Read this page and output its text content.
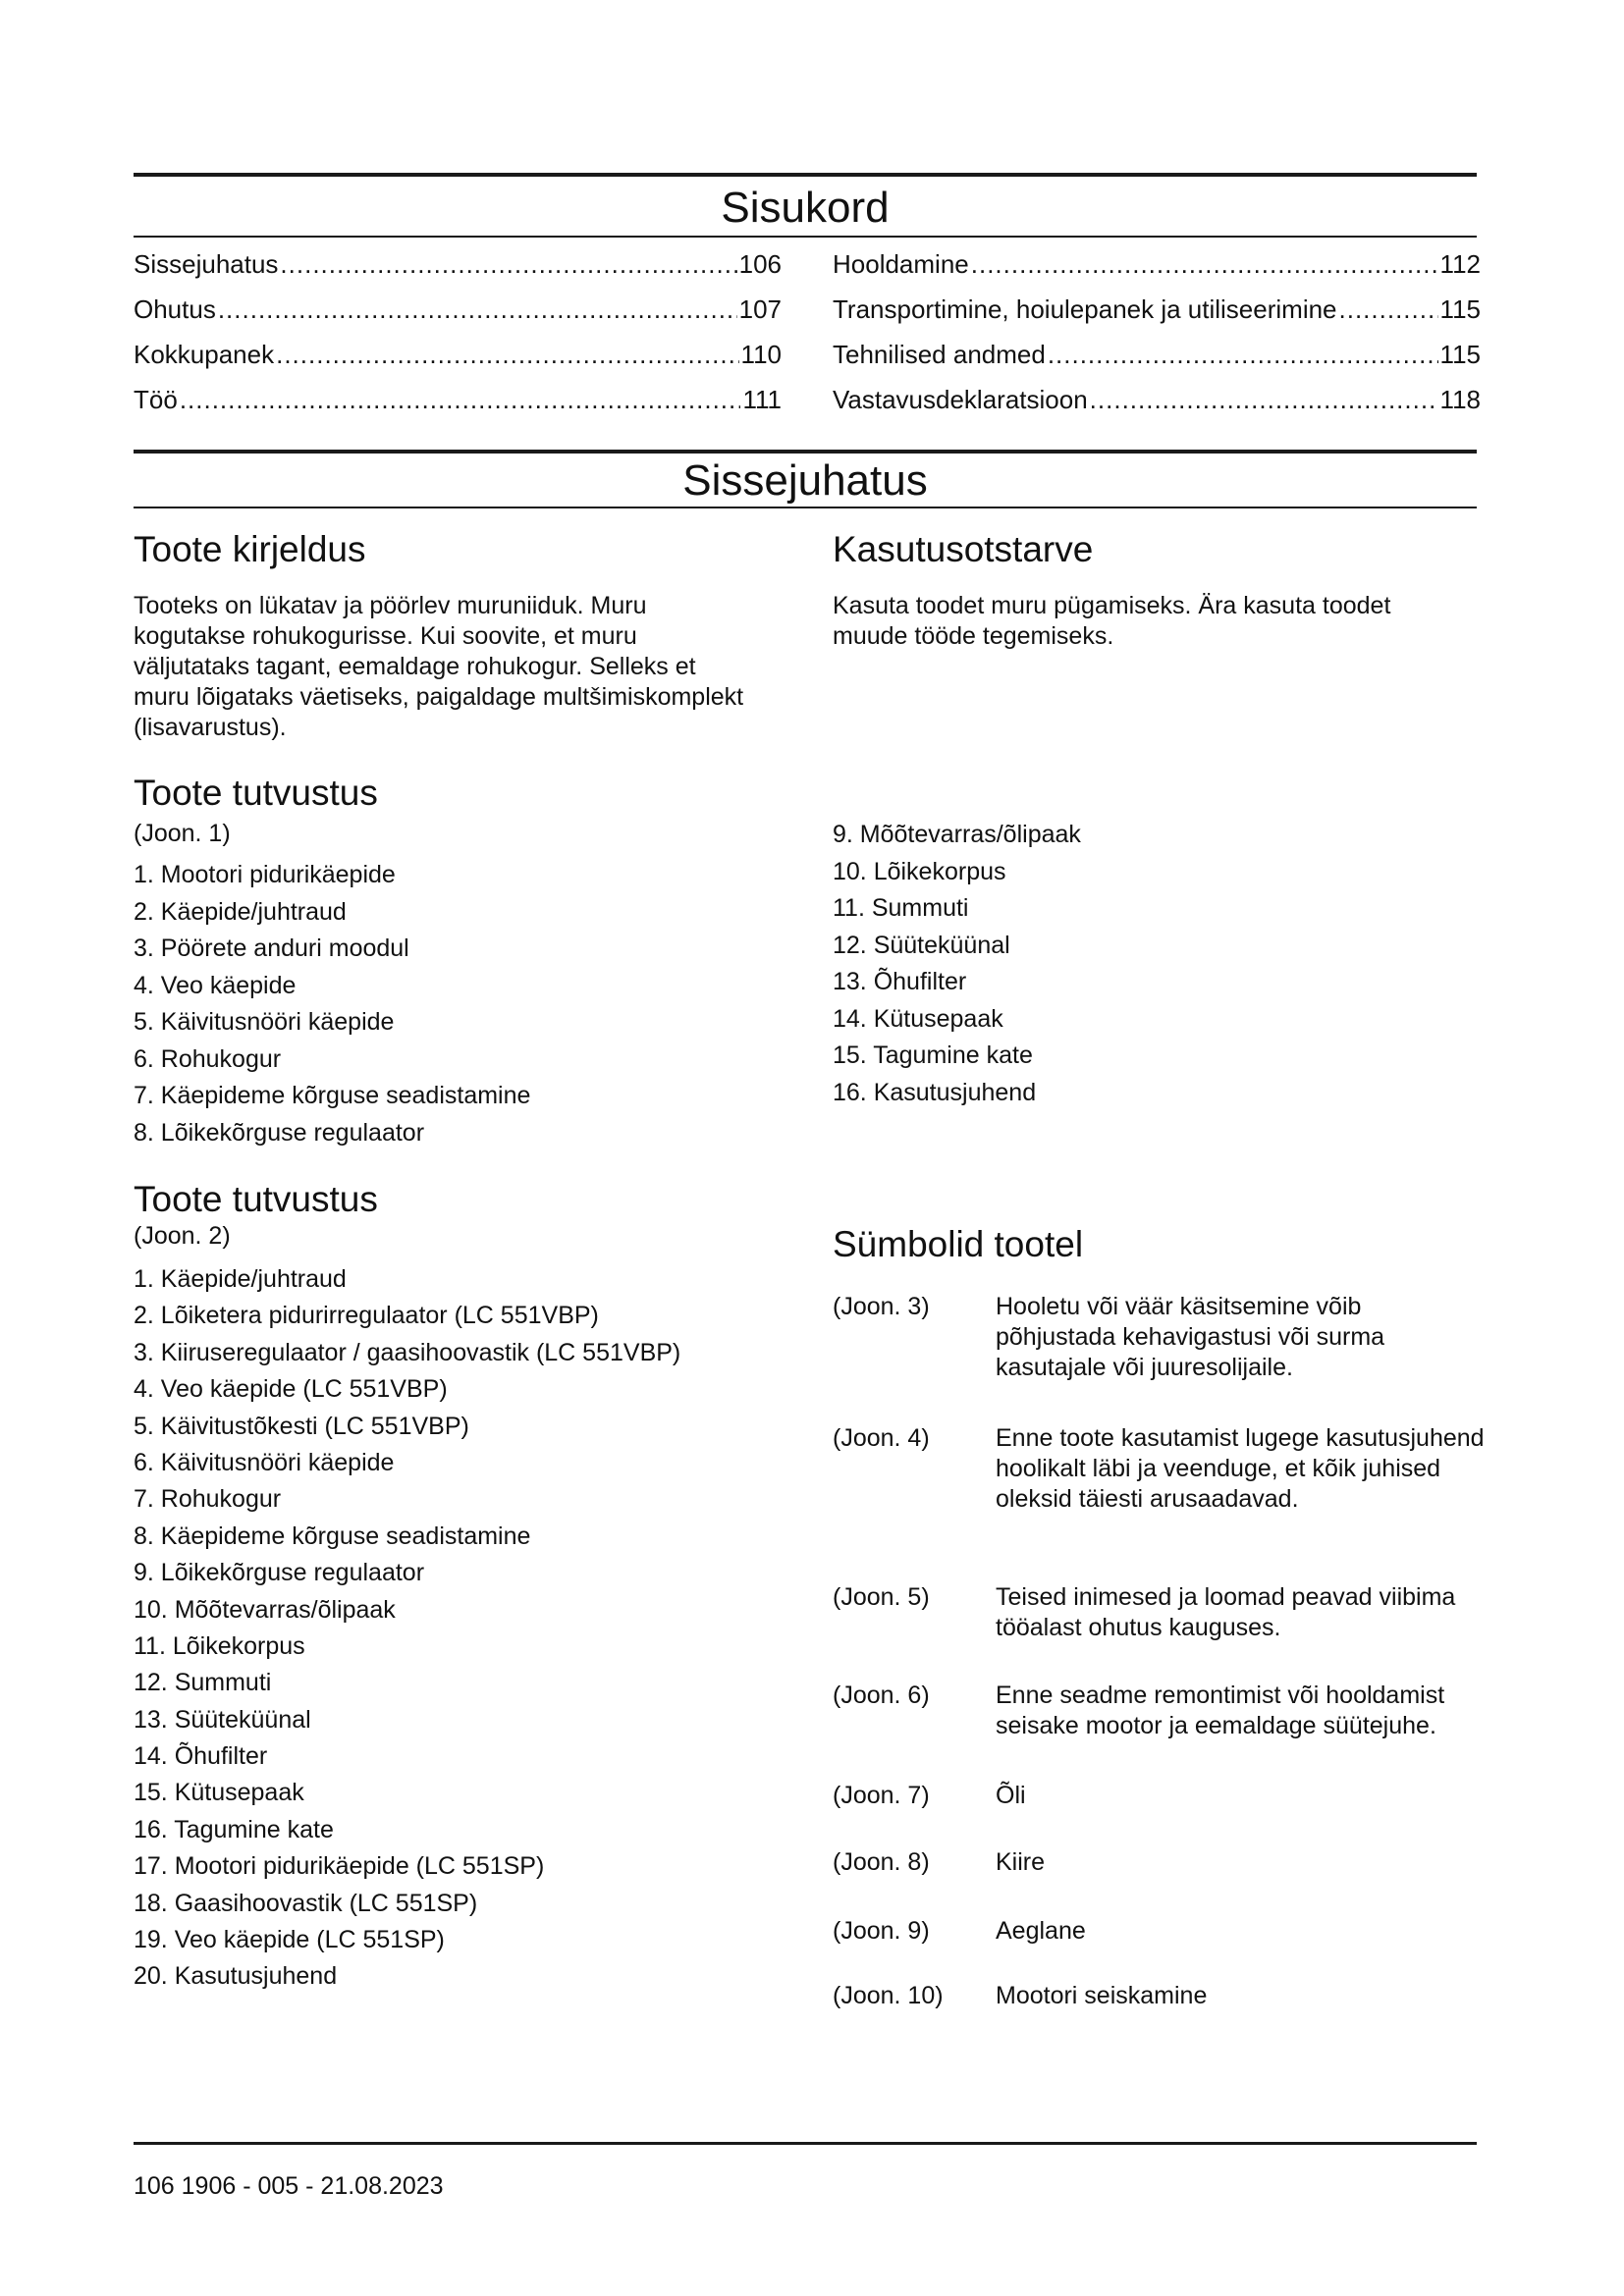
Sisukord
Sissejuhatus .....	106
Ohutus .....	107
Kokkupanek .....	110
Töö .....	111
Hooldamine .....	112
Transportimine, hoiulepanek ja utiliseerimine .....	115
Tehnilised andmed .....	115
Vastavusdeklaratsioon .....	118
Sissejuhatus
Toote kirjeldus

Tooteks on lükatav ja pöörlev muruniiduk. Muru

kogutakse rohukogurisse. Kui soovite, et muru

väljutataks tagant, eemaldage rohukogur. Selleks et

muru lõigataks väetiseks, paigaldage multšimiskomplekt

(lisavarustus).

Kasutusotstarve

Kasuta toodet muru pügamiseks. Ära kasuta toodet

muude tööde tegemiseks.

Toote tutvustus

(Joon. 1)

1. Mootori pidurikäepide
2. Käepide/juhtraud
3. Pöörete anduri moodul
4. Veo käepide
5. Käivitusnööri käepide
6. Rohukogur
7. Käepideme kõrguse seadistamine
8. Lõikekõrguse regulaator
9. Mõõtevarras/õlipaak
10. Lõikekorpus
11. Summuti
12. Süüteküünal
13. Õhufilter
14. Kütusepaak
15. Tagumine kate
16. Kasutusjuhend
Toote tutvustus

(Joon. 2)

1. Käepide/juhtraud
2. Lõiketera pidurirregulaator (LC 551VBP)
3. Kiiruseregulaator / gaasihoovastik (LC 551VBP)
4. Veo käepide (LC 551VBP)
5. Käivitustõkesti (LC 551VBP)
6. Käivitusnööri käepide
7. Rohukogur
8. Käepideme kõrguse seadistamine
9. Lõikekõrguse regulaator
10. Mõõtevarras/õlipaak
11. Lõikekorpus
12. Summuti
13. Süüteküünal
14. Õhufilter
15. Kütusepaak
16. Tagumine kate
17. Mootori pidurikäepide (LC 551SP)
18. Gaasihoovastik (LC 551SP)
19. Veo käepide (LC 551SP)
20. Kasutusjuhend
Sümbolid tootel
(Joon. 3)	Hooletu või väär käsitsemine võib põhjustada kehavigastusi või surma kasutajale või juuresolijaile.
(Joon. 4)	Enne toote kasutamist lugege kasutusjuhend hoolikalt läbi ja veenduge, et kõik juhised oleksid täiesti arusaadavad.
(Joon. 5)	Teised inimesed ja loomad peavad viibima tööalast ohutus kauguses.
(Joon. 6)	Enne seadme remontimist või hooldamist seisake mootor ja eemaldage süütejuhe.
(Joon. 7)	Õli
(Joon. 8)	Kiire
(Joon. 9)	Aeglane
(Joon. 10) Mootori seiskamine
106 1906 - 005 - 21.08.2023
